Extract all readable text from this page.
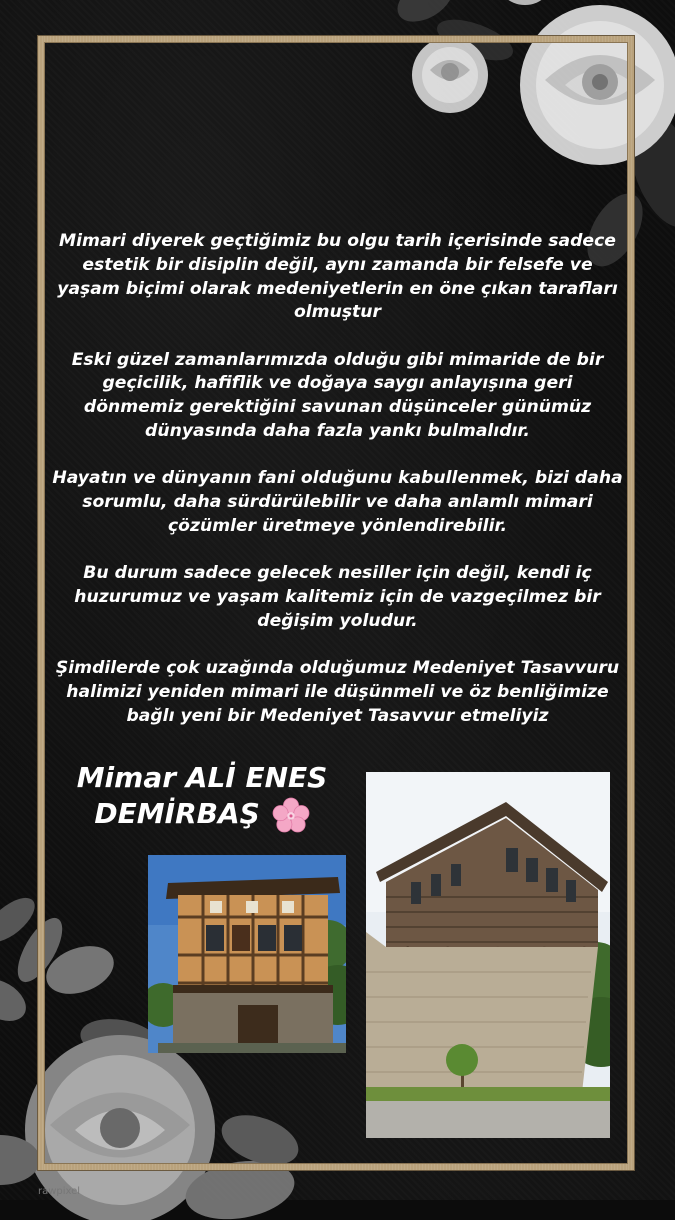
Mimari diyerek geçtiğimiz bu olgu tarih içerisinde sadece estetik bir disiplin değil, aynı zamanda bir felsefe ve yaşam biçimi olarak medeniyetlerin en öne çıkan tarafları olmuştur

Eski güzel zamanlarımızda olduğu gibi mimaride de bir geçicilik, hafiflik ve doğaya saygı anlayışına geri dönmemiz gerektiğini savunan düşünceler günümüz dünyasında daha fazla yankı bulmalıdır.

Hayatın ve dünyanın fani olduğunu kabullenmek, bizi daha sorumlu, daha sürdürülebilir ve daha anlamlı mimari çözümler üretmeye yönlendirebilir.

Bu durum sadece gelecek nesiller için değil, kendi iç huzurumuz ve yaşam kalitemiz için de vazgeçilmez bir değişim yoludur.

Şimdilerde çok uzağında olduğumuz Medeniyet Tasavvuru halimizi yeniden mimari ile düşünmeli ve öz benliğimize bağlı yeni bir Medeniyet Tasavvur etmeliyiz

Mimar ALİ ENES
DEMİRBAŞ
rawpixel
